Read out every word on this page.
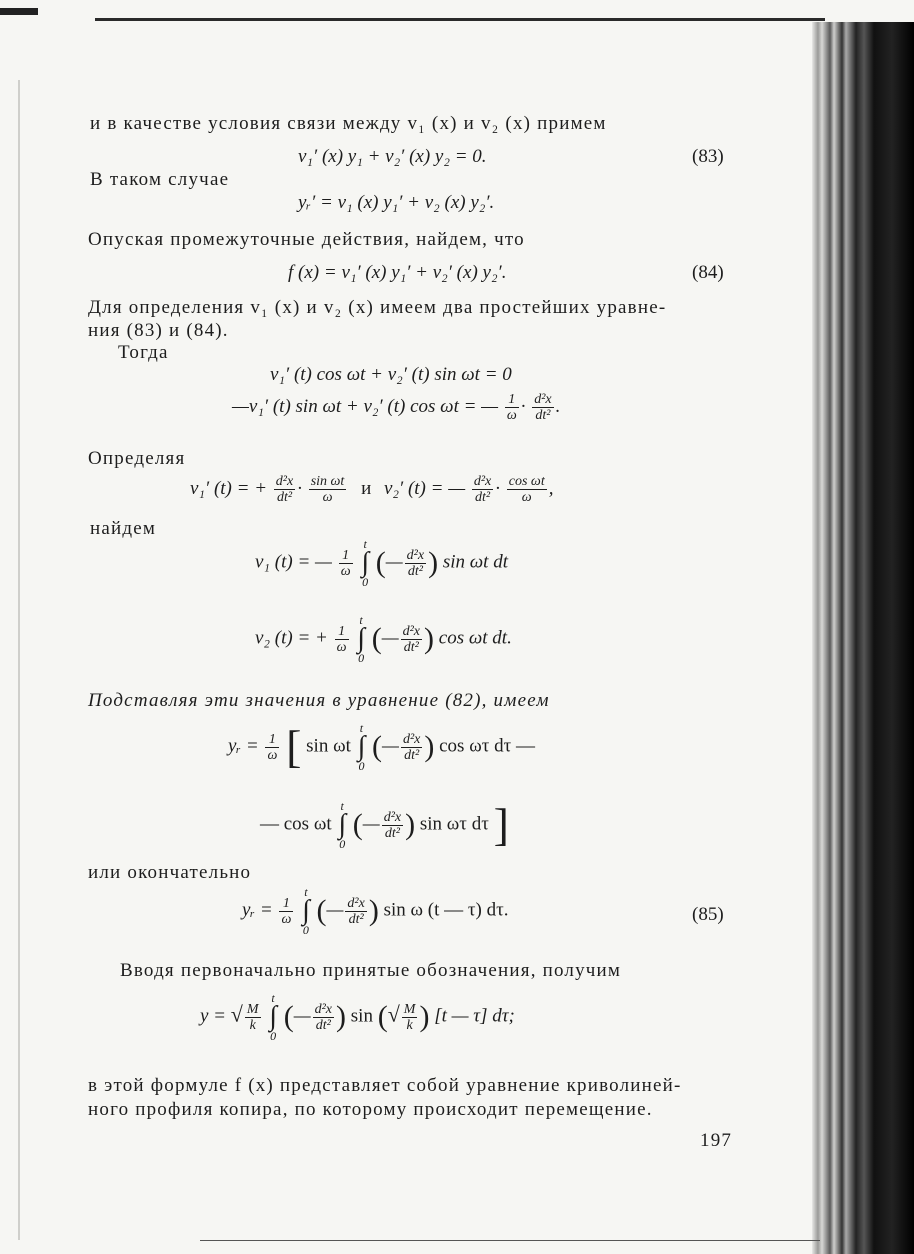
и в качестве условия связи между v₁ (x) и v₂ (x) примем
v₁′ (x) y₁ + v₂′ (x) y₂ = 0.	(83)
В таком случае
yᵣ′ = v₁ (x) y₁′ + v₂ (x) y₂′.
Опуская промежуточные действия, найдем, что
f (x) = v₁′ (x) y₁′ + v₂′ (x) y₂′.	(84)
Для определения v₁ (x) и v₂ (x) имеем два простейших уравне-
ния (83) и (84).
Тогда
v₁′ (t) cos ωt + v₂′ (t) sin ωt = 0
—v₁′ (t) sin ωt + v₂′ (t) cos ωt = — $\frac{1}{\omega} \cdot \frac{\text{d²x}}{\text{dt²}}$ .
Определяя
v₁′ (t) = + $\frac{\text{d²x}}{\text{dt²}} \cdot \frac{\text{sin ωt}}{\omega}$ и v₂′ (t) = — $\frac{\text{d²x}}{\text{dt²}} \cdot \frac{\text{cos ωt}}{\omega}$ ,
найдем
v₁ (t) = — $\frac{1}{\omega}$
t
∫
0 (— $\frac{\text{d²x}}{\text{dt²}}$ ) sin ωt dt
v₂ (t) = + $\frac{1}{\omega}$
t
∫
0 (— $\frac{\text{d²x}}{\text{dt²}}$ ) cos ωt dt.
Подставляя эти значения в уравнение (82), имеем
yᵣ = $\frac{1}{\omega}$ [ sin ωt t
∫
0 (— $\frac{\text{d²x}}{\text{dt²}}$ ) cos ωτ dτ —
— cos ωt t
∫
0 (— $\frac{\text{d²x}}{\text{dt²}}$ ) sin ωτ dτ ]
или окончательно
yᵣ = $\frac{1}{\omega}$
t
∫
0 (— $\frac{\text{d²x}}{\text{dt²}}$ ) sin ω (t — τ) dτ.	(85)
Вводя первоначально принятые обозначения, получим
y = √ $\frac{M}{k}$
t
∫
0 (— $\frac{\text{d²x}}{\text{dt²}}$ ) sin (√ $\frac{M}{k}$ ) [t — τ] dτ;
в этой формуле f (x) представляет собой уравнение криволиней-
ного профиля копира, по которому происходит перемещение.
197
